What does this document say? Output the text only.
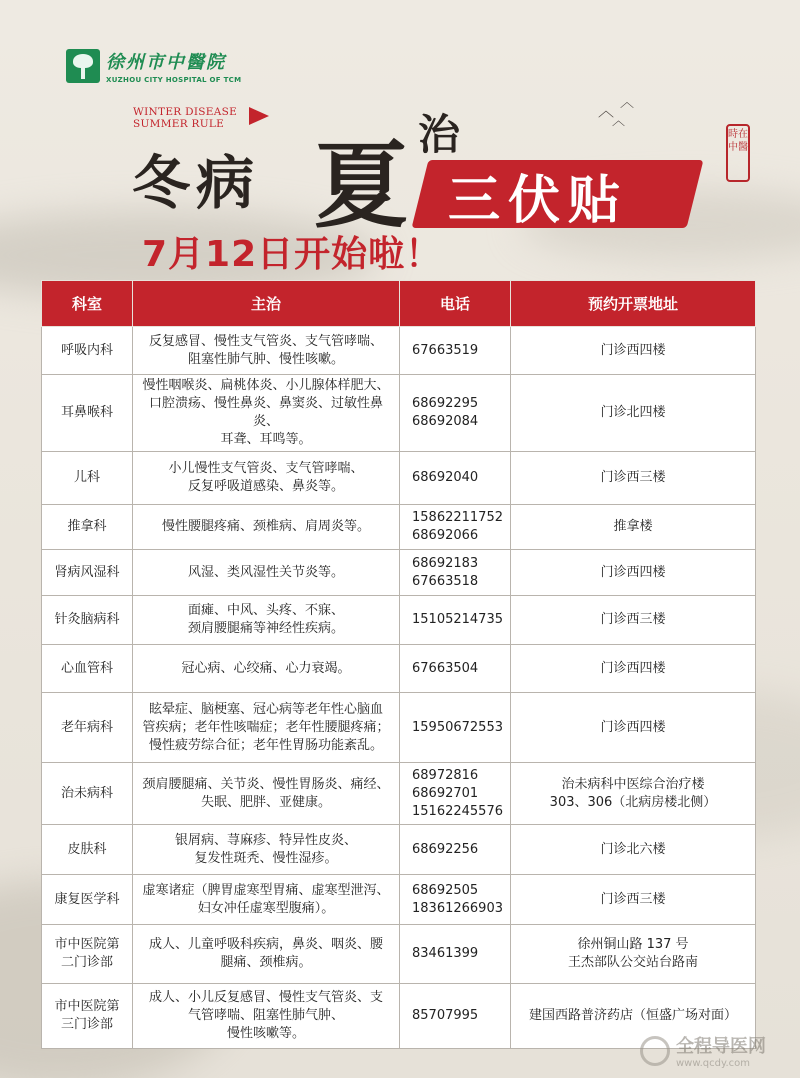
徐州市中醫院
XUZHOU CITY HOSPITAL OF TCM
WINTER DISEASE
SUMMER RULE
︿ ︿
︿
冬 病 夏 治
三伏贴
時在中醫
7月12日开始啦！
科室	主治	电话	预约开票地址
呼吸内科	反复感冒、慢性支气管炎、支气管哮喘、
阻塞性肺气肿、慢性咳嗽。	67663519	门诊西四楼
耳鼻喉科	慢性咽喉炎、扁桃体炎、小儿腺体样肥大、
口腔溃疡、慢性鼻炎、鼻窦炎、过敏性鼻炎、
耳聋、耳鸣等。	68692295
68692084	门诊北四楼
儿科	小儿慢性支气管炎、支气管哮喘、
反复呼吸道感染、鼻炎等。	68692040	门诊西三楼
推拿科	慢性腰腿疼痛、颈椎病、肩周炎等。	15862211752
68692066	推拿楼
肾病风湿科	风湿、类风湿性关节炎等。	68692183
67663518	门诊西四楼
针灸脑病科	面瘫、中风、头疼、不寐、
颈肩腰腿痛等神经性疾病。	15105214735	门诊西三楼
心血管科	冠心病、心绞痛、心力衰竭。	67663504	门诊西四楼
老年病科	眩晕症、脑梗塞、冠心病等老年性心脑血
管疾病；老年性咳喘症；老年性腰腿疼痛；
慢性疲劳综合征；老年性胃肠功能紊乱。	15950672553	门诊西四楼
治未病科	颈肩腰腿痛、关节炎、慢性胃肠炎、痛经、
失眠、肥胖、亚健康。	68972816
68692701
15162245576	治未病科中医综合治疗楼
303、306（北病房楼北侧）
皮肤科	银屑病、荨麻疹、特异性皮炎、
复发性斑秃、慢性湿疹。	68692256	门诊北六楼
康复医学科	虚寒诸症（脾胃虚寒型胃痛、虚寒型泄泻、
妇女冲任虚寒型腹痛）。	68692505
18361266903	门诊西三楼
市中医院第
二门诊部	成人、儿童呼吸科疾病，鼻炎、咽炎、腰
腿痛、颈椎病。	83461399	徐州铜山路 137 号
王杰部队公交站台路南
市中医院第
三门诊部	成人、小儿反复感冒、慢性支气管炎、支
气管哮喘、阻塞性肺气肿、
慢性咳嗽等。	85707995	建国西路普济药店（恒盛广场对面）
全程导医网
www.qcdy.com
